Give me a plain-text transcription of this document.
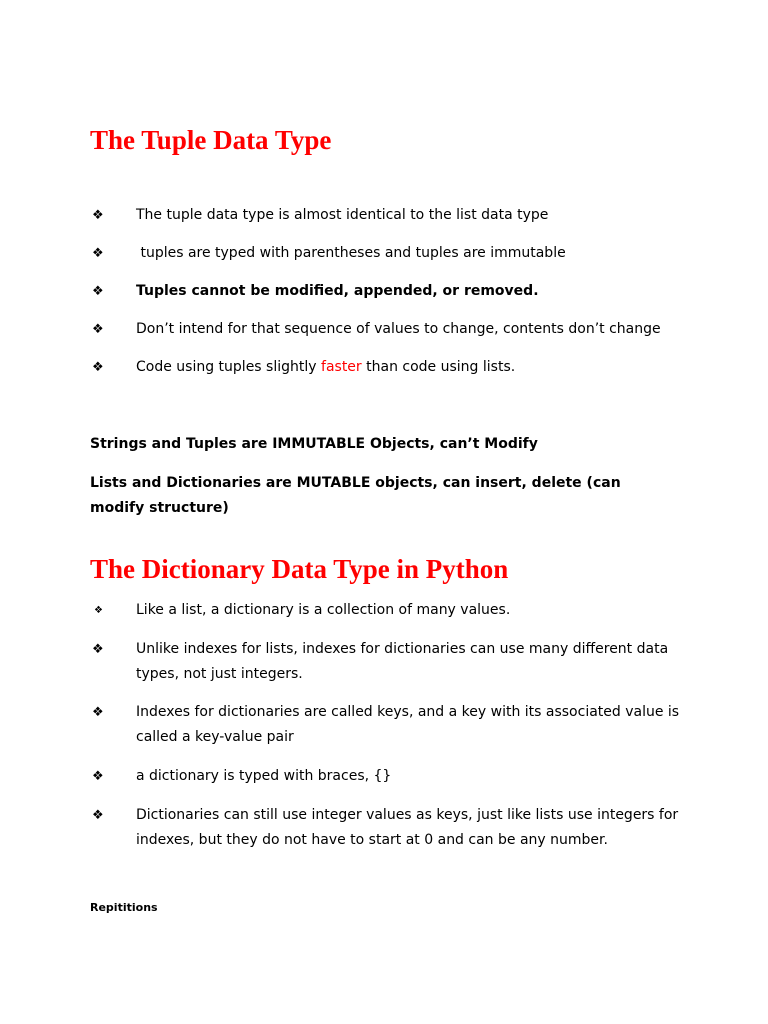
The Tuple Data Type
❖ The tuple data type is almost identical to the list data type
❖ tuples are typed with parentheses and tuples are immutable
❖ Tuples cannot be modified, appended, or removed.
❖ Don’t intend for that sequence of values to change, contents don’t change
❖ Code using tuples slightly faster than code using lists.

Strings and Tuples are IMMUTABLE Objects, can’t Modify

Lists and Dictionaries are MUTABLE objects, can insert, delete (can modify structure)

The Dictionary Data Type in Python
❖ Like a list, a dictionary is a collection of many values.
❖ Unlike indexes for lists, indexes for dictionaries can use many different data types, not just integers.
❖ Indexes for dictionaries are called keys, and a key with its associated value is called a key-value pair
❖ a dictionary is typed with braces, {}
❖ Dictionaries can still use integer values as keys, just like lists use integers for indexes, but they do not have to start at 0 and can be any number.

Repititions
